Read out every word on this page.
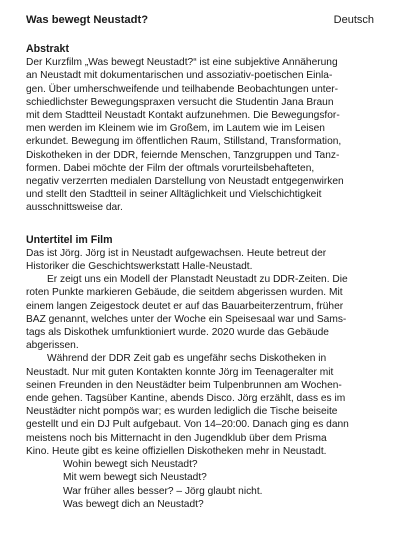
Was bewegt Neustadt?	Deutsch
Abstrakt

Der Kurzfilm „Was bewegt Neustadt?“ ist eine subjektive Annäherung

an Neustadt mit dokumentarischen und assoziativ-poetischen Einla-

gen. Über umherschweifende und teilhabende Beobachtungen unter-

schiedlichster Bewegungspraxen versucht die Studentin Jana Braun

mit dem Stadtteil Neustadt Kontakt aufzunehmen. Die Bewegungsfor-

men werden im Kleinem wie im Großem, im Lautem wie im Leisen

erkundet. Bewegung im öffentlichen Raum, Stillstand, Transformation,

Diskotheken in der DDR, feiernde Menschen, Tanzgruppen und Tanz-

formen. Dabei möchte der Film der oftmals vorurteilsbehafteten,

negativ verzerrten medialen Darstellung von Neustadt entgegenwirken

und stellt den Stadtteil in seiner Alltäglichkeit und Vielschichtigkeit

ausschnittsweise dar.

Untertitel im Film

Das ist Jörg. Jörg ist in Neustadt aufgewachsen. Heute betreut der

Historiker die Geschichtswerkstatt Halle-Neustadt.

Er zeigt uns ein Modell der Planstadt Neustadt zu DDR-Zeiten. Die

roten Punkte markieren Gebäude, die seitdem abgerissen wurden. Mit

einem langen Zeigestock deutet er auf das Bauarbeiterzentrum, früher

BAZ genannt, welches unter der Woche ein Speisesaal war und Sams-

tags als Diskothek umfunktioniert wurde. 2020 wurde das Gebäude

abgerissen.

Während der DDR Zeit gab es ungefähr sechs Diskotheken in

Neustadt. Nur mit guten Kontakten konnte Jörg im Teenageralter mit

seinen Freunden in den Neustädter beim Tulpenbrunnen am Wochen-

ende gehen. Tagsüber Kantine, abends Disco. Jörg erzählt, dass es im

Neustädter nicht pompös war; es wurden lediglich die Tische beiseite

gestellt und ein DJ Pult aufgebaut. Von 14–20:00. Danach ging es dann

meistens noch bis Mitternacht in den Jugendklub über dem Prisma

Kino. Heute gibt es keine offiziellen Diskotheken mehr in Neustadt.

Wohin bewegt sich Neustadt?

Mit wem bewegt sich Neustadt?

War früher alles besser? – Jörg glaubt nicht.

Was bewegt dich an Neustadt?
